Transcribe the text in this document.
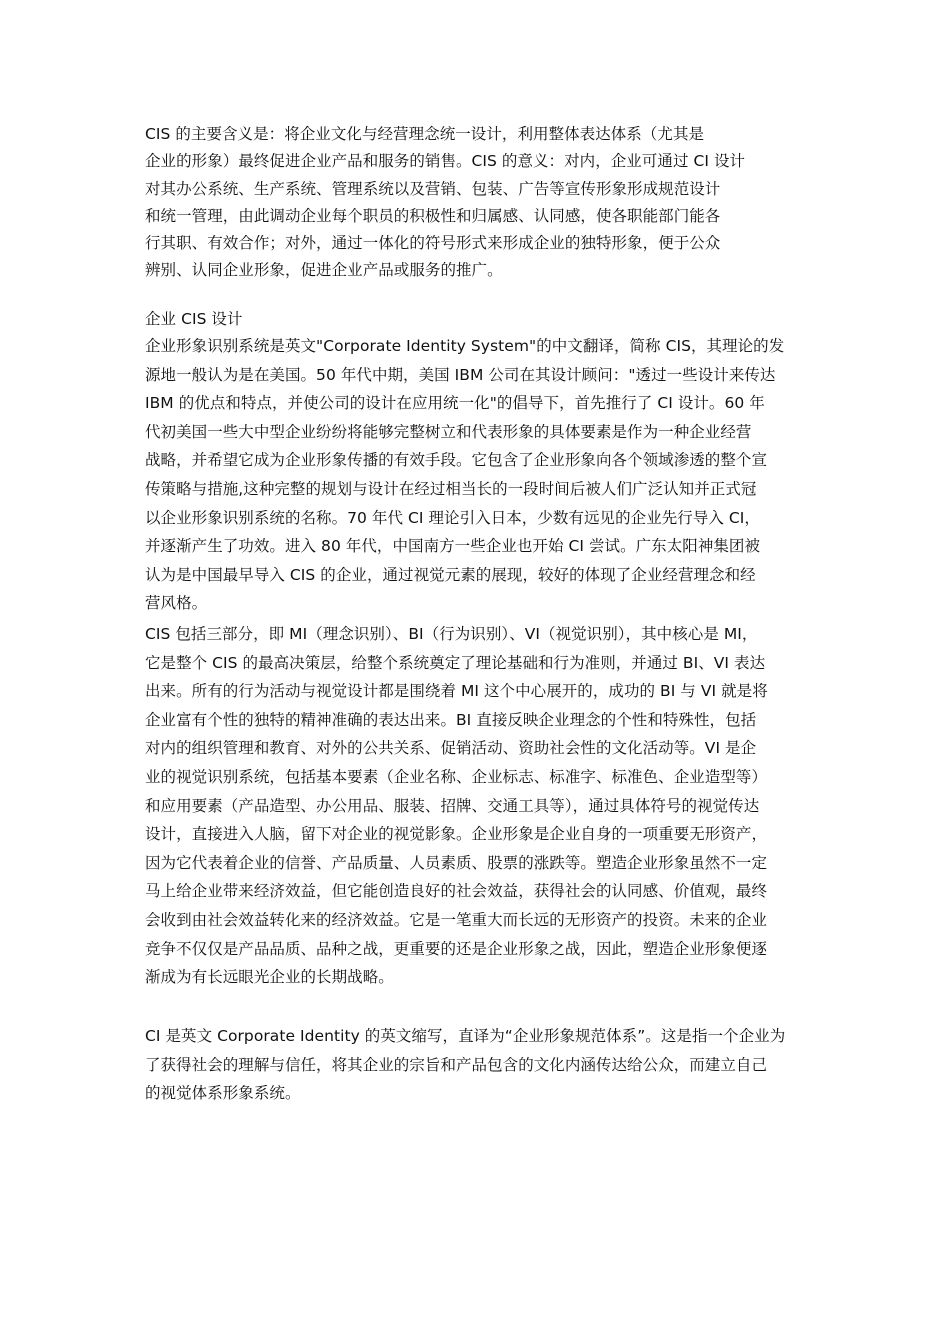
CIS 的主要含义是：将企业文化与经营理念统一设计，利用整体表达体系（尤其是
企业的形象）最终促进企业产品和服务的销售。CIS 的意义：对内，企业可通过 CI 设计
对其办公系统、生产系统、管理系统以及营销、包装、广告等宣传形象形成规范设计
和统一管理，由此调动企业每个职员的积极性和归属感、认同感，使各职能部门能各
行其职、有效合作；对外，通过一体化的符号形式来形成企业的独特形象，便于公众
辨别、认同企业形象，促进企业产品或服务的推广。
企业 CIS 设计
企业形象识别系统是英文"Corporate Identity System"的中文翻译，简称 CIS，其理论的发
源地一般认为是在美国。50 年代中期，美国 IBM 公司在其设计顾问："透过一些设计来传达
IBM 的优点和特点，并使公司的设计在应用统一化"的倡导下，首先推行了 CI 设计。60 年
代初美国一些大中型企业纷纷将能够完整树立和代表形象的具体要素是作为一种企业经营
战略，并希望它成为企业形象传播的有效手段。它包含了企业形象向各个领域渗透的整个宣
传策略与措施,这种完整的规划与设计在经过相当长的一段时间后被人们广泛认知并正式冠
以企业形象识别系统的名称。70 年代 CI 理论引入日本，少数有远见的企业先行导入 CI，
并逐渐产生了功效。进入 80 年代，中国南方一些企业也开始 CI 尝试。广东太阳神集团被
认为是中国最早导入 CIS 的企业，通过视觉元素的展现，较好的体现了企业经营理念和经
营风格。
CIS 包括三部分，即 MI（理念识别）、BI（行为识别）、VI（视觉识别），其中核心是 MI，
它是整个 CIS 的最高决策层，给整个系统奠定了理论基础和行为准则，并通过 BI、VI 表达
出来。所有的行为活动与视觉设计都是围绕着 MI 这个中心展开的，成功的 BI 与 VI 就是将
企业富有个性的独特的精神准确的表达出来。BI 直接反映企业理念的个性和特殊性，包括
对内的组织管理和教育、对外的公共关系、促销活动、资助社会性的文化活动等。VI 是企
业的视觉识别系统，包括基本要素（企业名称、企业标志、标准字、标准色、企业造型等）
和应用要素（产品造型、办公用品、服装、招牌、交通工具等），通过具体符号的视觉传达
设计，直接进入人脑，留下对企业的视觉影象。企业形象是企业自身的一项重要无形资产，
因为它代表着企业的信誉、产品质量、人员素质、股票的涨跌等。塑造企业形象虽然不一定
马上给企业带来经济效益，但它能创造良好的社会效益，获得社会的认同感、价值观，最终
会收到由社会效益转化来的经济效益。它是一笔重大而长远的无形资产的投资。未来的企业
竞争不仅仅是产品品质、品种之战，更重要的还是企业形象之战，因此，塑造企业形象便逐
渐成为有长远眼光企业的长期战略。
CI 是英文 Corporate Identity 的英文缩写，直译为“企业形象规范体系”。这是指一个企业为
了获得社会的理解与信任，将其企业的宗旨和产品包含的文化内涵传达给公众，而建立自己
的视觉体系形象系统。
